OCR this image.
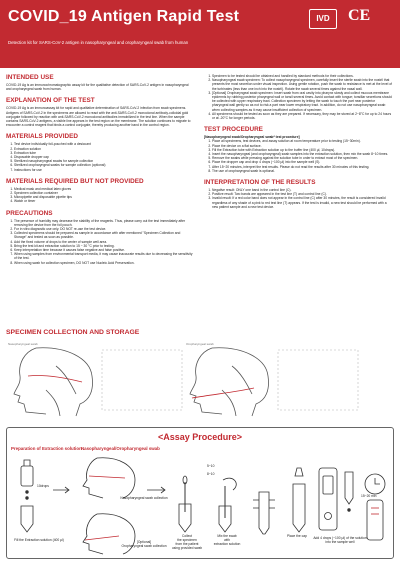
COVID_19 Antigen Rapid Test
Detection kit for SARS-CoV-2 antigen in nasopharyngeal and oropharyngeal swab from human
IVD	CE
INTENDED USE

COVID-19 Ag is an immunochromatographic assay kit for the qualitative detection of SARS-CoV-2 antigen in nasopharyngeal and oropharyngeal swab from human.

EXPLANATION OF THE TEST

COVID-19 Ag is an immunoassay kit for rapid and qualitative determination of SARS-CoV-2 infection from swab specimens. Antigens of SARS-CoV-2 in the specimens are allowed to react with the anti-SARS-CoV-2 monoclonal antibody-colloidal gold conjugate followed by reaction with anti-SARS-CoV-2 monoclonal antibodies immobilized in the test line. When the sample contains SARS-CoV-2 antigens, a visible line appears in the test region on the membrane. The solution continues to migrate to encounter a control reagent that binds a control conjugate, thereby producing another band in the control region.

MATERIALS PROVIDED
1. Test device individually foil-pouched with a desiccant
2. Extraction solution
3. Extraction tube
4. Disposable dropper cap
5. Sterilized nasopharyngeal swabs for sample collection
6. Sterilized oropharyngeal swabs for sample collection (optional)
7. Instructions for use
MATERIALS REQUIRED BUT NOT PROVIDED
1. Medical mask and medical latex gloves
2. Specimen collection container
3. Micropipette and disposable pipette tips
4. Watch or timer
PRECAUTIONS
1. The presence of humidity may decrease the stability of the reagents. Thus, please carry out the test immediately after removing the device from the foil pouch.
2. For in vitro diagnostic use only. DO NOT re-use the test device.
3. Collected specimens should be prepared as sample in accordance with after mentioned "Specimen Collection and Storage" and tested as soon as possible.
4. Add the fixed volume of drops to the center of sample well area.
5. Bring the test kit and extraction solution to 15 ~ 30 °C prior to testing.
6. Keep interpretation time because it causes false negative and false positive.
7. When using samples from environmental transport media, it may cause inaccurate results due to decreasing the sensitivity of the test.
8. When using swab for collection specimen, DO NOT use Nucleic Acid Preservation.
1. Specimen to be tested should be obtained and handled by standard methods for their collections.
2. Nasopharyngeal swab specimen: To collect nasopharyngeal specimen, carefully insert the sterile swab into the nostril that presents the most secretion under visual inspection. Using gentle rotation, push the swab to resistance is met at the level of the turbinates (less than one inch into the nostril). Rotate the swab several times against the nasal wall.
3. [Optional] Oropharyngeal swab specimen: Insert swab from oral cavity into pharynx slowly and collect mucous membrane epidermis by rubbing posterior pharyngeal wall or tonsil several times. Avoid contact with tongue; tonsillar secretions should be collected with upper respiratory tract. Collection specimen by letting the swab to touch the part near posterior pharyngeal wall gently so as not to risk a part near lower respiratory tract. In addition, do not use nasopharyngeal swab when collecting samples as it may cause insufficient collection of specimen.
4. All specimens should be tested as soon as they are prepared. If necessary, they may be stored at 2~8°C for up to 24 hours or at -20°C for longer periods.
TEST PROCEDURE

[Nasopharyngeal swab/Oropharyngeal swab* test procedure]

1. Place all specimens, test devices, and assay solution at room temperature prior to testing (15~30min).
2. Place the device on a flat surface.
3. Fill the Extraction tube with Extraction solution up to the buffer line (400 μl, 10drops).
4. Insert the nasopharyngeal (and oropharyngeal) swab samples into the extraction solution, then mix the swab 8~10 times.
5. Remove the swabs while pressing against the solution tube in order to extract most of the specimen.
6. Place the dropper cap and drop 4 drops (~100 μl) into the sample well (S).
7. After 15~20 minutes, interpret the test results. Please do not read the results after 30 minutes of this testing.
8. The use of oropharyngeal swab is optional.
INTERPRETATION OF THE RESULTS
1. Negative result: ONLY one band in the control line (C).
2. Positive result: Two bands are appeared in the test line (T) and control line (C).
3. Invalid result: If a red color band does not appear in the control line (C) after 30 minutes, the result is considered invalid regardless of any shade of a pink to red test line (T) appears. If the test is invalid, a new test should be performed with a new patient sample and a new test device.
SPECIMEN COLLECTION AND STORAGE
Nasopharyngeal swab	Oropharyngeal swab
<Assay Procedure>
Preparation of Extraction solution Nasopharyngeal/Oropharyngeal swab
10drops
5~10
8~10
15~20 min
Fill the Extraction solution (400 μl)
Nasopharyngeal swab collection
[Optional]
Oropharyngeal swab collection
Collect
the specimen
from the patient
using provided swab
Mix the swab
with
extraction solution
Place the cap	Add 4 drops (~100 μl) of the solution
into the sample well
